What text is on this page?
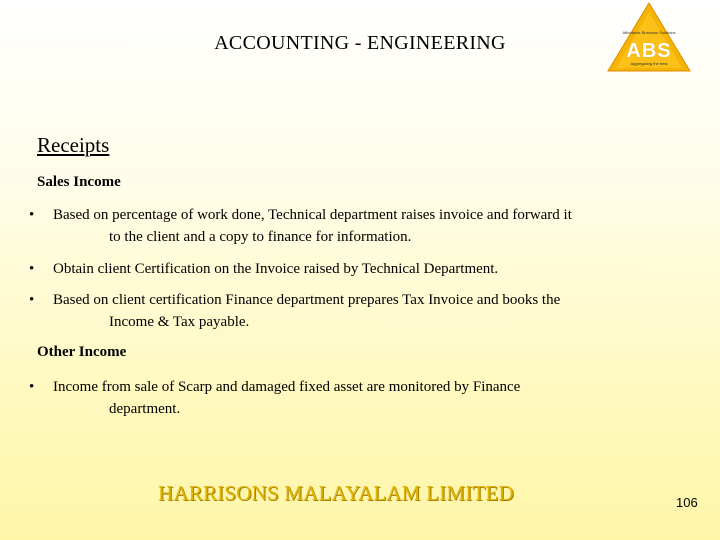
ACCOUNTING - ENGINEERING	Affordable Business Solutions
ABS
Aggregating the best
Receipts
Sales Income
•	Based on percentage of work done, Technical department raises invoice and forward it
to the client and a copy to finance for information.
•	Obtain client Certification on the Invoice raised by Technical Department.
•	Based on client certification Finance department prepares Tax Invoice and books the
Income & Tax payable.
Other Income
•	Income from sale of Scarp and damaged fixed asset are monitored by Finance
department.
HARRISONS MALAYALAM LIMITED	106
